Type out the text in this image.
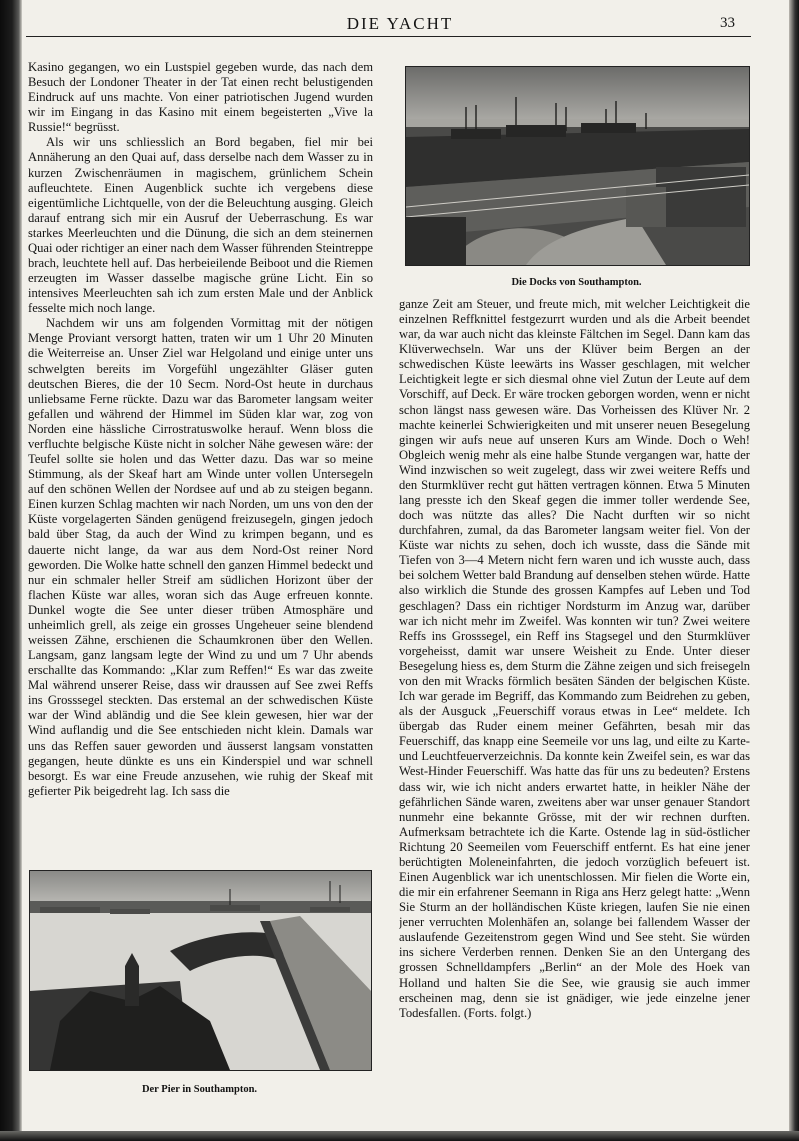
DIE YACHT	33

Kasino gegangen, wo ein Lustspiel gegeben wurde, das nach dem Besuch der Londoner Theater in der Tat einen recht belustigenden Eindruck auf uns machte. Von einer patriotischen Jugend wurden wir im Eingang in das Kasino mit einem begeisterten „Vive la Russie!“ begrüsst.

Als wir uns schliesslich an Bord begaben, fiel mir bei Annäherung an den Quai auf, dass derselbe nach dem Wasser zu in kurzen Zwischenräumen in magischem, grünlichem Schein aufleuchtete. Einen Augenblick suchte ich vergebens diese eigentümliche Lichtquelle, von der die Beleuchtung ausging. Gleich darauf entrang sich mir ein Ausruf der Ueberraschung. Es war starkes Meerleuchten und die Dünung, die sich an dem steinernen Quai oder richtiger an einer nach dem Wasser führenden Steintreppe brach, leuchtete hell auf. Das herbeieilende Beiboot und die Riemen erzeugten im Wasser dasselbe magische grüne Licht. Ein so intensives Meerleuchten sah ich zum ersten Male und der Anblick fesselte mich noch lange.

Nachdem wir uns am folgenden Vormittag mit der nötigen Menge Proviant versorgt hatten, traten wir um 1 Uhr 20 Minuten die Weiterreise an. Unser Ziel war Helgoland und einige unter uns schwelgten bereits im Vorgefühl ungezählter Gläser guten deutschen Bieres, die der 10 Secm. Nord-Ost heute in durchaus unliebsame Ferne rückte. Dazu war das Barometer langsam weiter gefallen und während der Himmel im Süden klar war, zog von Norden eine hässliche Cirrostratuswolke herauf. Wenn bloss die verfluchte belgische Küste nicht in solcher Nähe gewesen wäre: der Teufel sollte sie holen und das Wetter dazu. Das war so meine Stimmung, als der Skeaf hart am Winde unter vollen Untersegeln auf den schönen Wellen der Nordsee auf und ab zu steigen begann. Einen kurzen Schlag machten wir nach Norden, um uns von den der Küste vorgelagerten Sänden genügend freizusegeln, gingen jedoch bald über Stag, da auch der Wind zu krimpen begann, und es dauerte nicht lange, da war aus dem Nord-Ost reiner Nord geworden. Die Wolke hatte schnell den ganzen Himmel bedeckt und nur ein schmaler heller Streif am südlichen Horizont über der flachen Küste war alles, woran sich das Auge erfreuen konnte. Dunkel wogte die See unter dieser trüben Atmosphäre und unheimlich grell, als zeige ein grosses Ungeheuer seine blendend weissen Zähne, erschienen die Schaumkronen über den Wellen. Langsam, ganz langsam legte der Wind zu und um 7 Uhr abends erschallte das Kommando: „Klar zum Reffen!“ Es war das zweite Mal während unserer Reise, dass wir draussen auf See zwei Reffs ins Grosssegel steckten. Das erstemal an der schwedischen Küste war der Wind abländig und die See klein gewesen, hier war der Wind auflandig und die See entschieden nicht klein. Damals war uns das Reffen sauer geworden und äusserst langsam vonstatten gegangen, heute dünkte es uns ein Kinderspiel und war schnell besorgt. Es war eine Freude anzusehen, wie ruhig der Skeaf mit gefierter Pik beigedreht lag. Ich sass die

Die Docks von Southampton.

ganze Zeit am Steuer, und freute mich, mit welcher Leichtigkeit die einzelnen Reffknittel festgezurrt wurden und als die Arbeit beendet war, da war auch nicht das kleinste Fältchen im Segel. Dann kam das Klüverwechseln. War uns der Klüver beim Bergen an der schwedischen Küste leewärts ins Wasser geschlagen, mit welcher Leichtigkeit legte er sich diesmal ohne viel Zutun der Leute auf dem Vorschiff, auf Deck. Er wäre trocken geborgen worden, wenn er nicht schon längst nass gewesen wäre. Das Vorheissen des Klüver Nr. 2 machte keinerlei Schwierigkeiten und mit unserer neuen Besegelung gingen wir aufs neue auf unseren Kurs am Winde. Doch o Weh! Obgleich wenig mehr als eine halbe Stunde vergangen war, hatte der Wind inzwischen so weit zugelegt, dass wir zwei weitere Reffs und den Sturmklüver recht gut hätten vertragen können. Etwa 5 Minuten lang presste ich den Skeaf gegen die immer toller werdende See, doch was nützte das alles? Die Nacht durften wir so nicht durchfahren, zumal, da das Barometer langsam weiter fiel. Von der Küste war nichts zu sehen, doch ich wusste, dass die Sände mit Tiefen von 3—4 Metern nicht fern waren und ich wusste auch, dass bei solchem Wetter bald Brandung auf denselben stehen würde. Hatte also wirklich die Stunde des grossen Kampfes auf Leben und Tod geschlagen? Dass ein richtiger Nordsturm im Anzug war, darüber war ich nicht mehr im Zweifel. Was konnten wir tun? Zwei weitere Reffs ins Grosssegel, ein Reff ins Stagsegel und den Sturmklüver vorgeheisst, damit war unsere Weisheit zu Ende. Unter dieser Besegelung hiess es, dem Sturm die Zähne zeigen und sich freisegeln von den mit Wracks förmlich besäten Sänden der belgischen Küste. Ich war gerade im Begriff, das Kommando zum Beidrehen zu geben, als der Ausguck „Feuerschiff voraus etwas in Lee“ meldete. Ich übergab das Ruder einem meiner Gefährten, besah mir das Feuerschiff, das knapp eine Seemeile vor uns lag, und eilte zu Karte- und Leuchtfeuerverzeichnis. Da konnte kein Zweifel sein, es war das West-Hinder Feuerschiff. Was hatte das für uns zu bedeuten? Erstens dass wir, wie ich nicht anders erwartet hatte, in heikler Nähe der gefährlichen Sände waren, zweitens aber war unser genauer Standort nunmehr eine bekannte Grösse, mit der wir rechnen durften. Aufmerksam betrachtete ich die Karte. Ostende lag in süd-östlicher Richtung 20 Seemeilen vom Feuerschiff entfernt. Es hat eine jener berüchtigten Moleneinfahrten, die jedoch vorzüglich befeuert ist. Einen Augenblick war ich unentschlossen. Mir fielen die Worte ein, die mir ein erfahrener Seemann in Riga ans Herz gelegt hatte: „Wenn Sie Sturm an der holländischen Küste kriegen, laufen Sie nie einen jener verruchten Molenhäfen an, solange bei fallendem Wasser der auslaufende Gezeitenstrom gegen Wind und See steht. Sie würden ins sichere Verderben rennen. Denken Sie an den Untergang des grossen Schnelldampfers „Berlin“ an der Mole des Hoek van Holland und halten Sie die See, wie grausig sie auch immer erscheinen mag, denn sie ist gnädiger, wie jede einzelne jener Todesfallen. (Forts. folgt.)

Der Pier in Southampton.
